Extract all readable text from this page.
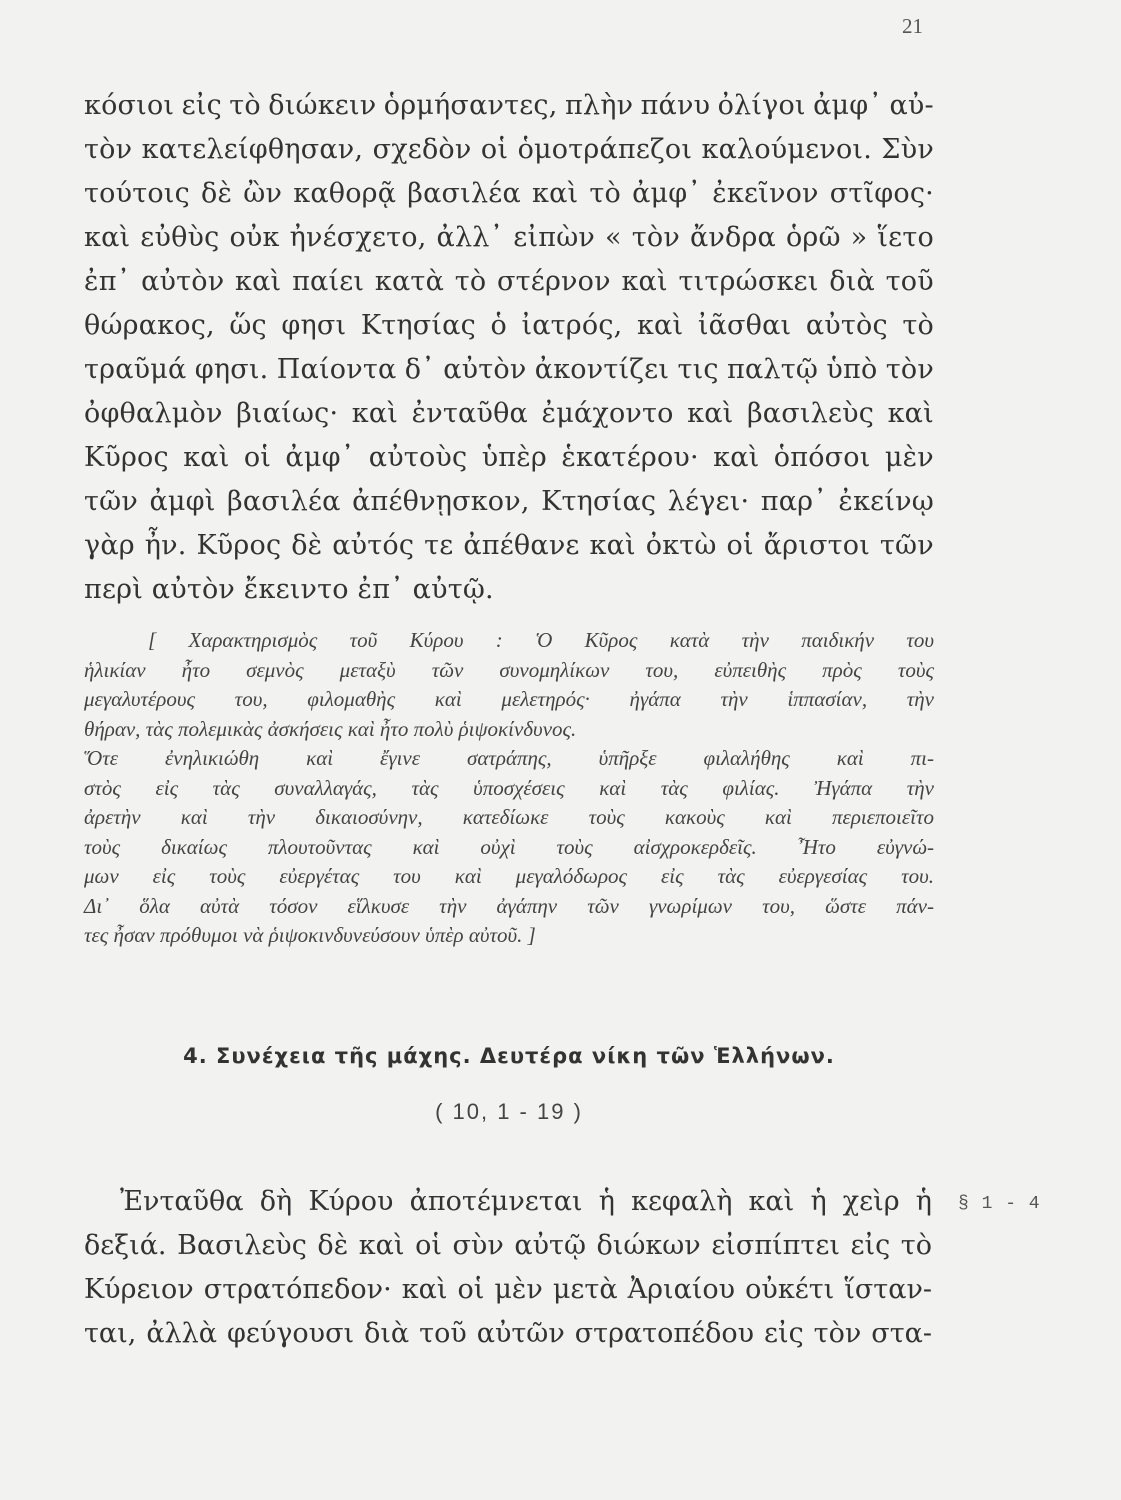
21
κόσιοι εἰς τὸ διώκειν ὁρμήσαντες, πλὴν πάνυ ὀλίγοι ἀμφ᾽ αὐ-
τὸν κατελείφθησαν, σχεδὸν οἱ ὁμοτράπεζοι καλούμενοι. Σὺν
τούτοις δὲ ὢν καθορᾷ βασιλέα καὶ τὸ ἀμφ᾽ ἐκεῖνον στῖφος·
καὶ εὐθὺς οὐκ ἠνέσχετο, ἀλλ᾽ εἰπὼν « τὸν ἄνδρα ὁρῶ » ἵετο
ἐπ᾽ αὐτὸν καὶ παίει κατὰ τὸ στέρνον καὶ τιτρώσκει διὰ τοῦ
θώρακος, ὥς φησι Κτησίας ὁ ἰατρός, καὶ ἰᾶσθαι αὐτὸς τὸ
τραῦμά φησι. Παίοντα δ᾽ αὐτὸν ἀκοντίζει τις παλτῷ ὑπὸ τὸν
ὀφθαλμὸν βιαίως· καὶ ἐνταῦθα ἐμάχοντο καὶ βασιλεὺς καὶ
Κῦρος καὶ οἱ ἀμφ᾽ αὐτοὺς ὑπὲρ ἑκατέρου· καὶ ὁπόσοι μὲν
τῶν ἀμφὶ βασιλέα ἀπέθνῃσκον, Κτησίας λέγει· παρ᾽ ἐκείνῳ
γὰρ ἦν. Κῦρος δὲ αὐτός τε ἀπέθανε καὶ ὀκτὼ οἱ ἄριστοι τῶν
περὶ αὐτὸν ἔκειντο ἐπ᾽ αὐτῷ.
[ Χαρακτηρισμὸς τοῦ Κύρου : Ὁ Κῦρος κατὰ τὴν παιδικήν του
ἡλικίαν ἦτο σεμνὸς μεταξὺ τῶν συνομηλίκων του, εὐπειθὴς πρὸς τοὺς
μεγαλυτέρους του, φιλομαθὴς καὶ μελετηρός· ἠγάπα τὴν ἱππασίαν, τὴν
θήραν, τὰς πολεμικὰς ἀσκήσεις καὶ ἦτο πολὺ ῥιψοκίνδυνος.
Ὅτε ἐνηλικιώθη καὶ ἔγινε σατράπης, ὑπῆρξε φιλαλήθης καὶ πι-
στὸς εἰς τὰς συναλλαγάς, τὰς ὑποσχέσεις καὶ τὰς φιλίας. Ἠγάπα τὴν
ἀρετὴν καὶ τὴν δικαιοσύνην, κατεδίωκε τοὺς κακοὺς καὶ περιεποιεῖτο
τοὺς δικαίως πλουτοῦντας καὶ οὐχὶ τοὺς αἰσχροκερδεῖς. Ἦτο εὐγνώ-
μων εἰς τοὺς εὐεργέτας του καὶ μεγαλόδωρος εἰς τὰς εὐεργεσίας του.
Δι᾽ ὅλα αὐτὰ τόσον εἵλκυσε τὴν ἀγάπην τῶν γνωρίμων του, ὥστε πάν-
τες ἦσαν πρόθυμοι νὰ ῥιψοκινδυνεύσουν ὑπὲρ αὐτοῦ. ]
4. Συνέχεια τῆς μάχης. Δευτέρα νίκη τῶν Ἑλλήνων.
( 10, 1 - 19 )
Ἐνταῦθα δὴ Κύρου ἀποτέμνεται ἡ κεφαλὴ καὶ ἡ χεὶρ ἡ
δεξιά. Βασιλεὺς δὲ καὶ οἱ σὺν αὐτῷ διώκων εἰσπίπτει εἰς τὸ
Κύρειον στρατόπεδον· καὶ οἱ μὲν μετὰ Ἀριαίου οὐκέτι ἵσταν-
ται, ἀλλὰ φεύγουσι διὰ τοῦ αὐτῶν στρατοπέδου εἰς τὸν στα-
§ 1 - 4
